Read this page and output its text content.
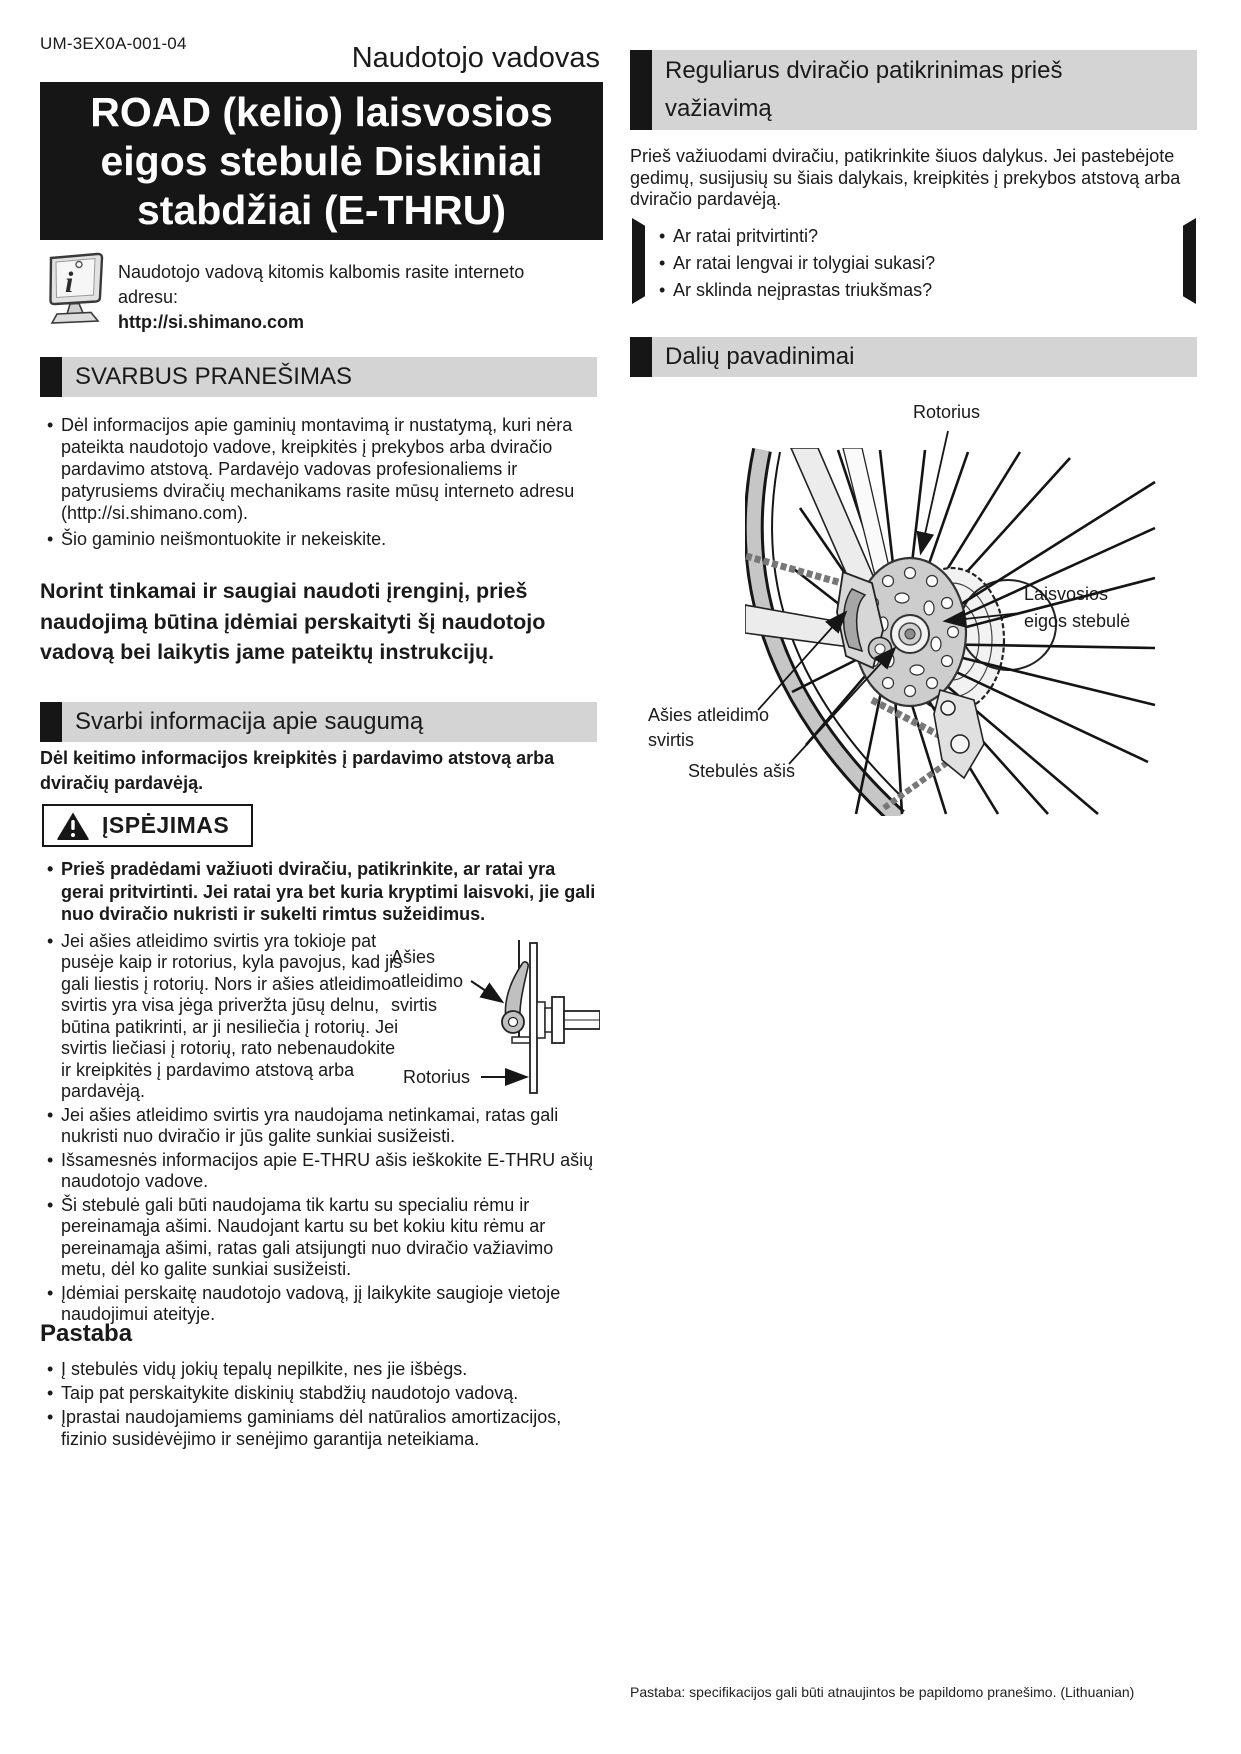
UM-3EX0A-001-04	Naudotojo vadovas
ROAD (kelio) laisvosios
eigos stebulė Diskiniai
stabdžiai (E-THRU)
i Naudotojo vadovą kitomis kalbomis rasite interneto adresu:
http://si.shimano.com
SVARBUS PRANEŠIMAS
• Dėl informacijos apie gaminių montavimą ir nustatymą, kuri nėra pateikta naudotojo vadove, kreipkitės į prekybos arba dviračio pardavimo atstovą. Pardavėjo vadovas profesionaliems ir patyrusiems dviračių mechanikams rasite mūsų interneto adresu (http://si.shimano.com).
• Šio gaminio neišmontuokite ir nekeiskite.
Norint tinkamai ir saugiai naudoti įrenginį, prieš naudojimą būtina įdėmiai perskaityti šį naudotojo vadovą bei laikytis jame pateiktų instrukcijų.
Svarbi informacija apie saugumą
Dėl keitimo informacijos kreipkitės į pardavimo atstovą arba dviračių pardavėją.
ĮSPĖJIMAS
• Prieš pradėdami važiuoti dviračiu, patikrinkite, ar ratai yra gerai pritvirtinti. Jei ratai yra bet kuria kryptimi laisvoki, jie gali nuo dviračio nukristi ir sukelti rimtus sužeidimus.
• Jei ašies atleidimo svirtis yra tokioje pat pusėje kaip ir rotorius, kyla pavojus, kad jis gali liestis į rotorių. Nors ir ašies atleidimo svirtis yra visa jėga priveržta jūsų delnu, būtina patikrinti, ar ji nesiliečia į rotorių. Jei svirtis liečiasi į rotorių, rato nebenaudokite ir kreipkitės į pardavimo atstovą arba pardavėją.
• Jei ašies atleidimo svirtis yra naudojama netinkamai, ratas gali nukristi nuo dviračio ir jūs galite sunkiai susižeisti.
• Išsamesnės informacijos apie E-THRU ašis ieškokite E-THRU ašių naudotojo vadove.
• Ši stebulė gali būti naudojama tik kartu su specialiu rėmu ir pereinamąja ašimi. Naudojant kartu su bet kokiu kitu rėmu ar pereinamąja ašimi, ratas gali atsijungti nuo dviračio važiavimo metu, dėl ko galite sunkiai susižeisti.
• Įdėmiai perskaitę naudotojo vadovą, jį laikykite saugioje vietoje naudojimui ateityje.
Ašies
atleidimo
svirtis
Rotorius
Pastaba
• Į stebulės vidų jokių tepalų nepilkite, nes jie išbėgs.
• Taip pat perskaitykite diskinių stabdžių naudotojo vadovą.
• Įprastai naudojamiems gaminiams dėl natūralios amortizacijos, fizinio susidėvėjimo ir senėjimo garantija neteikiama.
Reguliarus dviračio patikrinimas prieš
važiavimą
Prieš važiuodami dviračiu, patikrinkite šiuos dalykus. Jei pastebėjote gedimų, susijusių su šiais dalykais, kreipkitės į prekybos atstovą arba dviračio pardavėją.
• Ar ratai pritvirtinti?
• Ar ratai lengvai ir tolygiai sukasi?
• Ar sklinda neįprastas triukšmas?
Dalių pavadinimai
Rotorius
Laisvosios
eigos stebulė
Ašies atleidimo
svirtis
Stebulės ašis
Pastaba: specifikacijos gali būti atnaujintos be papildomo pranešimo. (Lithuanian)
